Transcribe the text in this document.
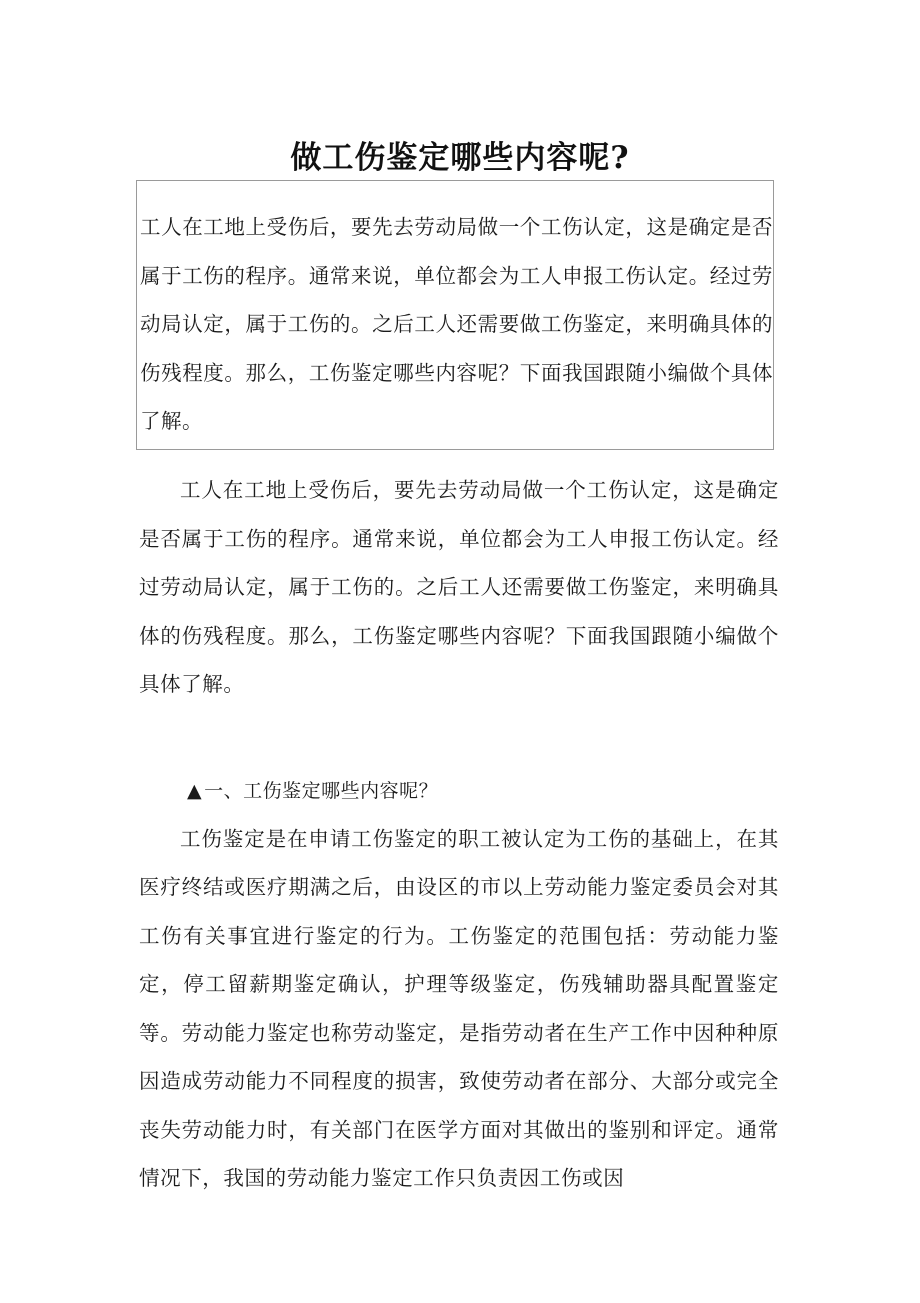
做工伤鉴定哪些内容呢?

工人在工地上受伤后，要先去劳动局做一个工伤认定，这是确定是否属于工伤的程序。通常来说，单位都会为工人申报工伤认定。经过劳动局认定，属于工伤的。之后工人还需要做工伤鉴定，来明确具体的伤残程度。那么，工伤鉴定哪些内容呢？下面我国跟随小编做个具体了解。

工人在工地上受伤后，要先去劳动局做一个工伤认定，这是确定是否属于工伤的程序。通常来说，单位都会为工人申报工伤认定。经过劳动局认定，属于工伤的。之后工人还需要做工伤鉴定，来明确具体的伤残程度。那么，工伤鉴定哪些内容呢？下面我国跟随小编做个具体了解。

▲ 一、工伤鉴定哪些内容呢？

工伤鉴定是在申请工伤鉴定的职工被认定为工伤的基础上，在其医疗终结或医疗期满之后，由设区的市以上劳动能力鉴定委员会对其工伤有关事宜进行鉴定的行为。工伤鉴定的范围包括：劳动能力鉴定，停工留薪期鉴定确认，护理等级鉴定，伤残辅助器具配置鉴定等。劳动能力鉴定也称劳动鉴定，是指劳动者在生产工作中因种种原因造成劳动能力不同程度的损害，致使劳动者在部分、大部分或完全丧失劳动能力时，有关部门在医学方面对其做出的鉴别和评定。通常情况下，我国的劳动能力鉴定工作只负责因工伤或因
